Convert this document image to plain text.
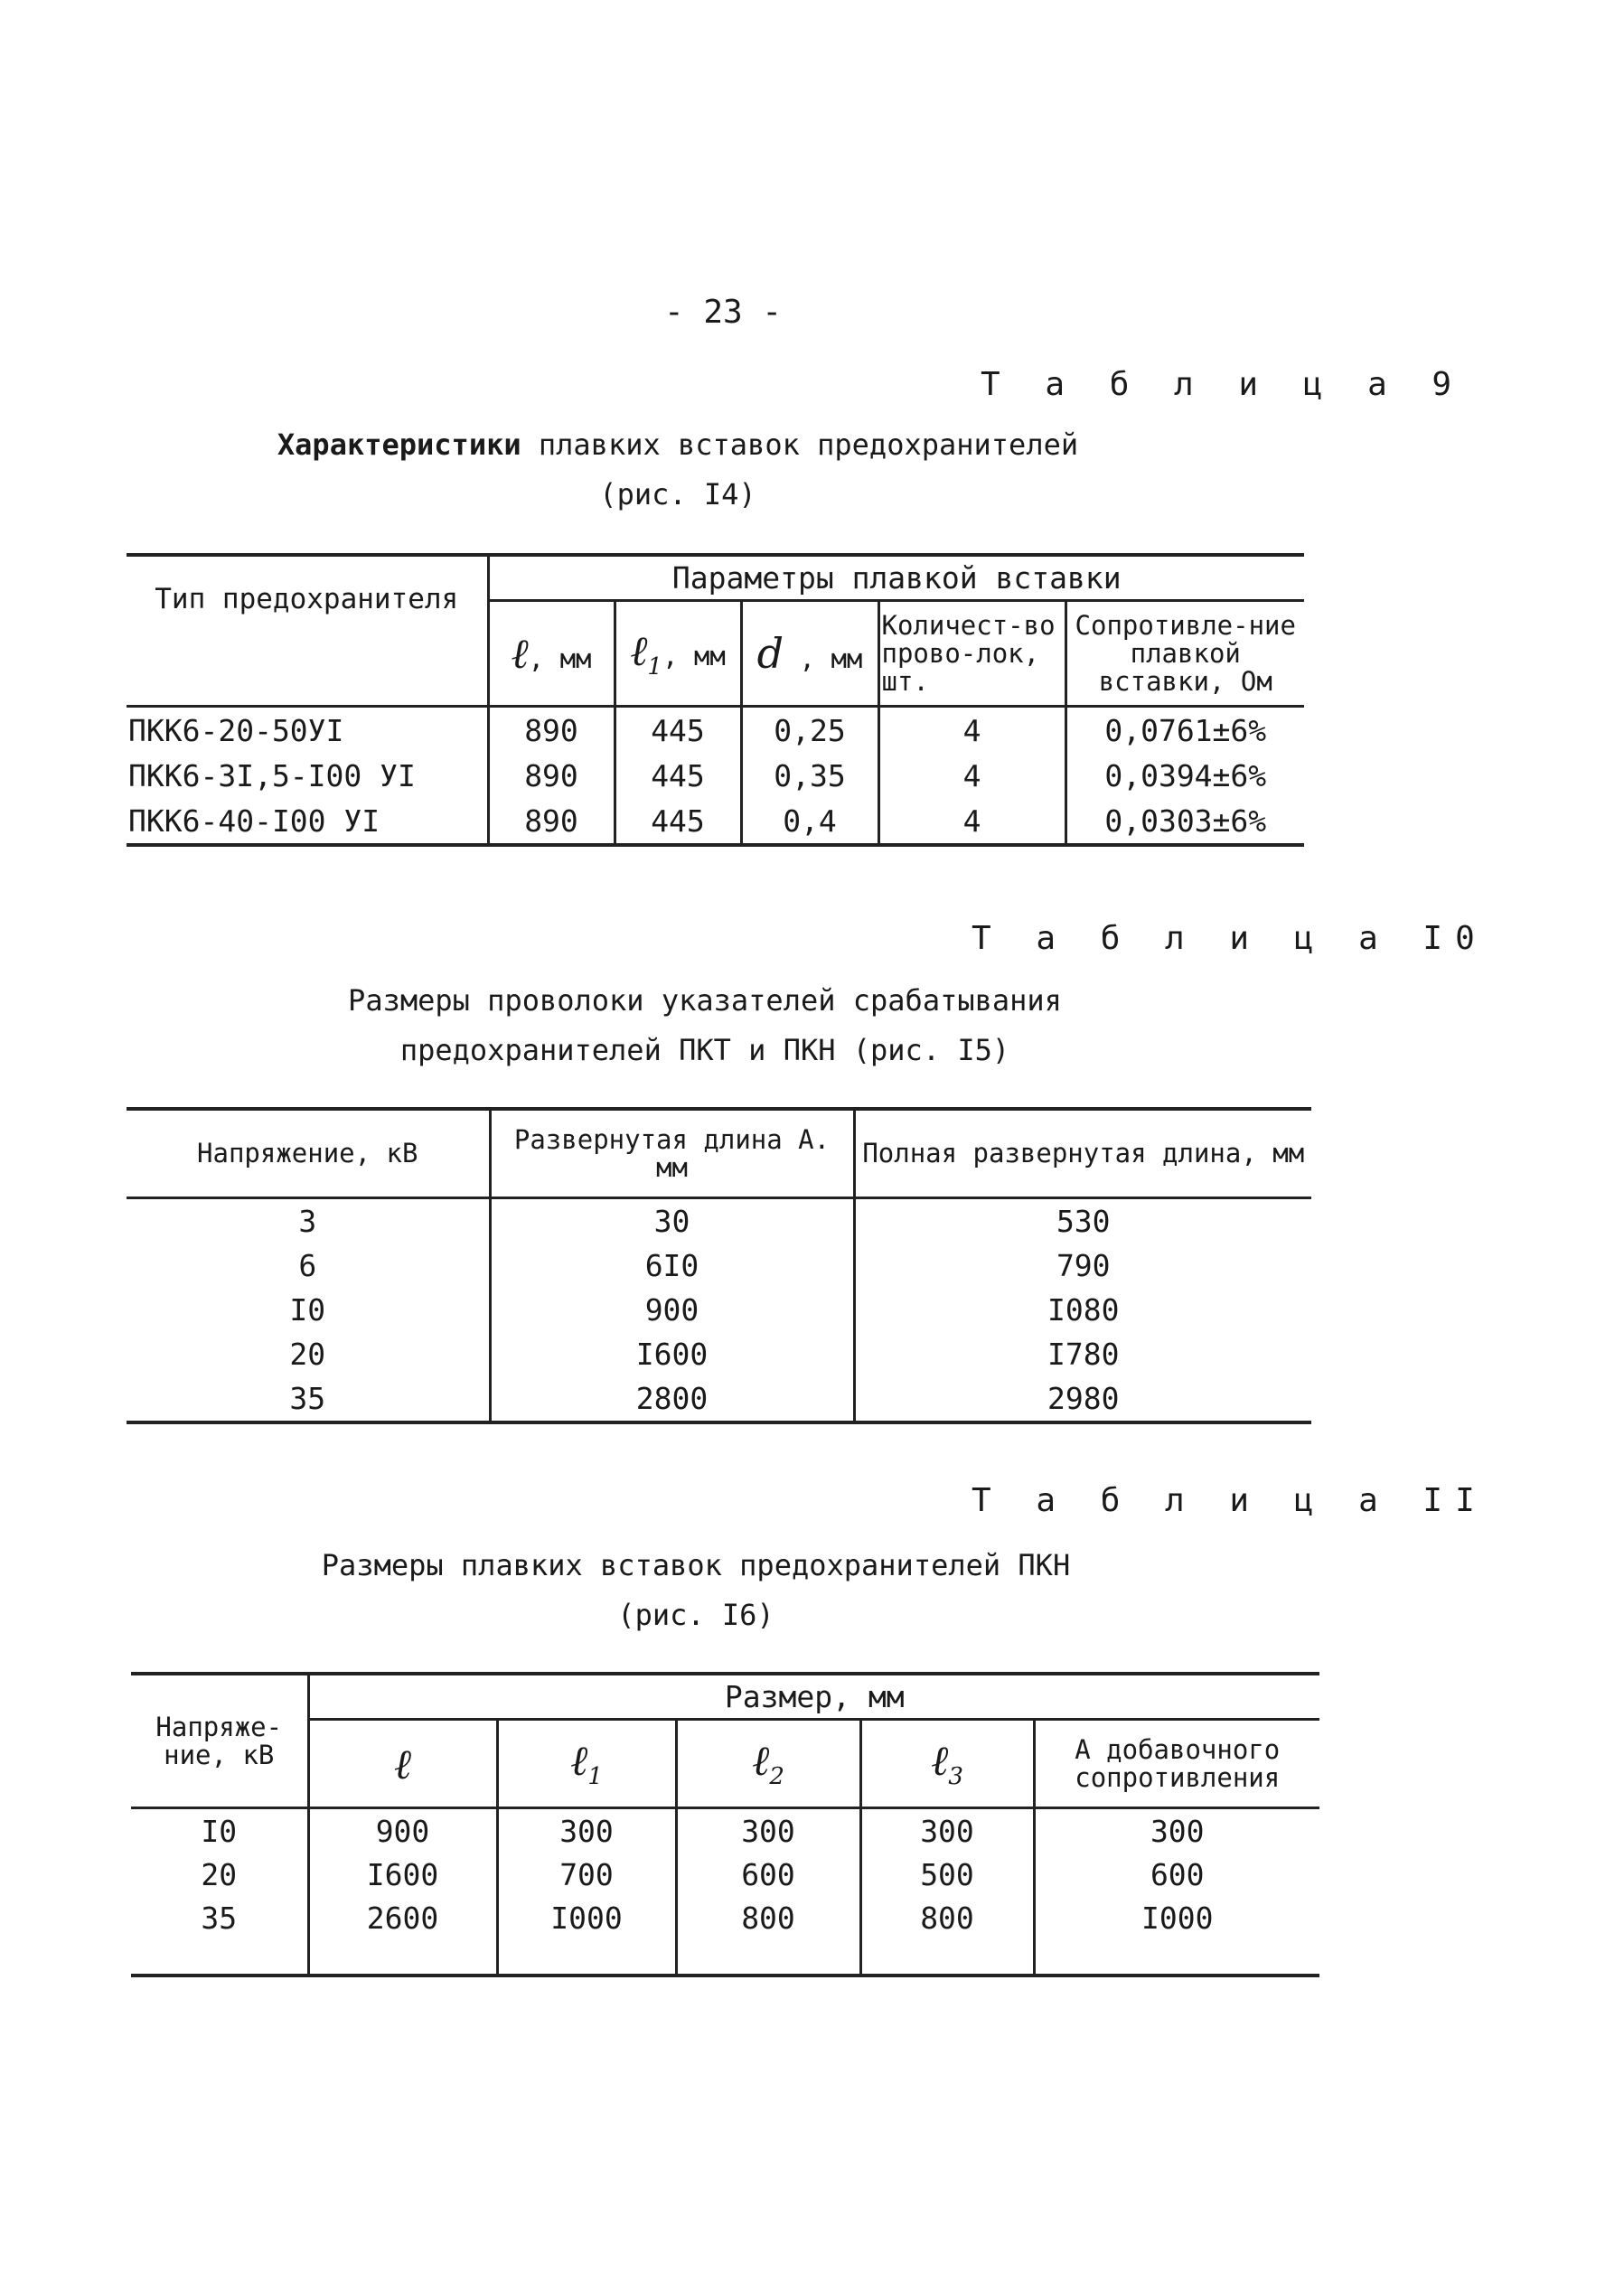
- 23 -
Т а б л и ц а 9
Характеристики плавких вставок предохранителей
(рис. I4)
Тип предохранителя	Параметры плавкой вставки				
	ℓ, мм	ℓ$_1$, мм	d , мм	Количест-во прово-лок, шт.	Сопротивле-ние плавкой вставки, Ом
ПКК6-20-50УI	890	445	0,25	4	0,0761±6%
ПКК6-3I,5-I00 УI	890	445	0,35	4	0,0394±6%
ПКК6-40-I00 УI	890	445	0,4	4	0,0303±6%
Т а б л и ц а I0
Размеры проволоки указателей срабатывания
предохранителей ПКТ и ПКН (рис. I5)
Напряжение, кВ	Развернутая длина А. мм	Полная развернутая длина, мм
3	30	530
6	6I0	790
I0	900	I080
20	I600	I780
35	2800	2980
Т а б л и ц а II
Размеры плавких вставок предохранителей ПКН
(рис. I6)
Напряже-ние, кВ	Размер, мм				
	ℓ	ℓ$_1$	ℓ$_2$	ℓ$_3$	А добавочного сопротивления
I0	900	300	300	300	300
20	I600	700	600	500	600
35	2600	I000	800	800	I000
